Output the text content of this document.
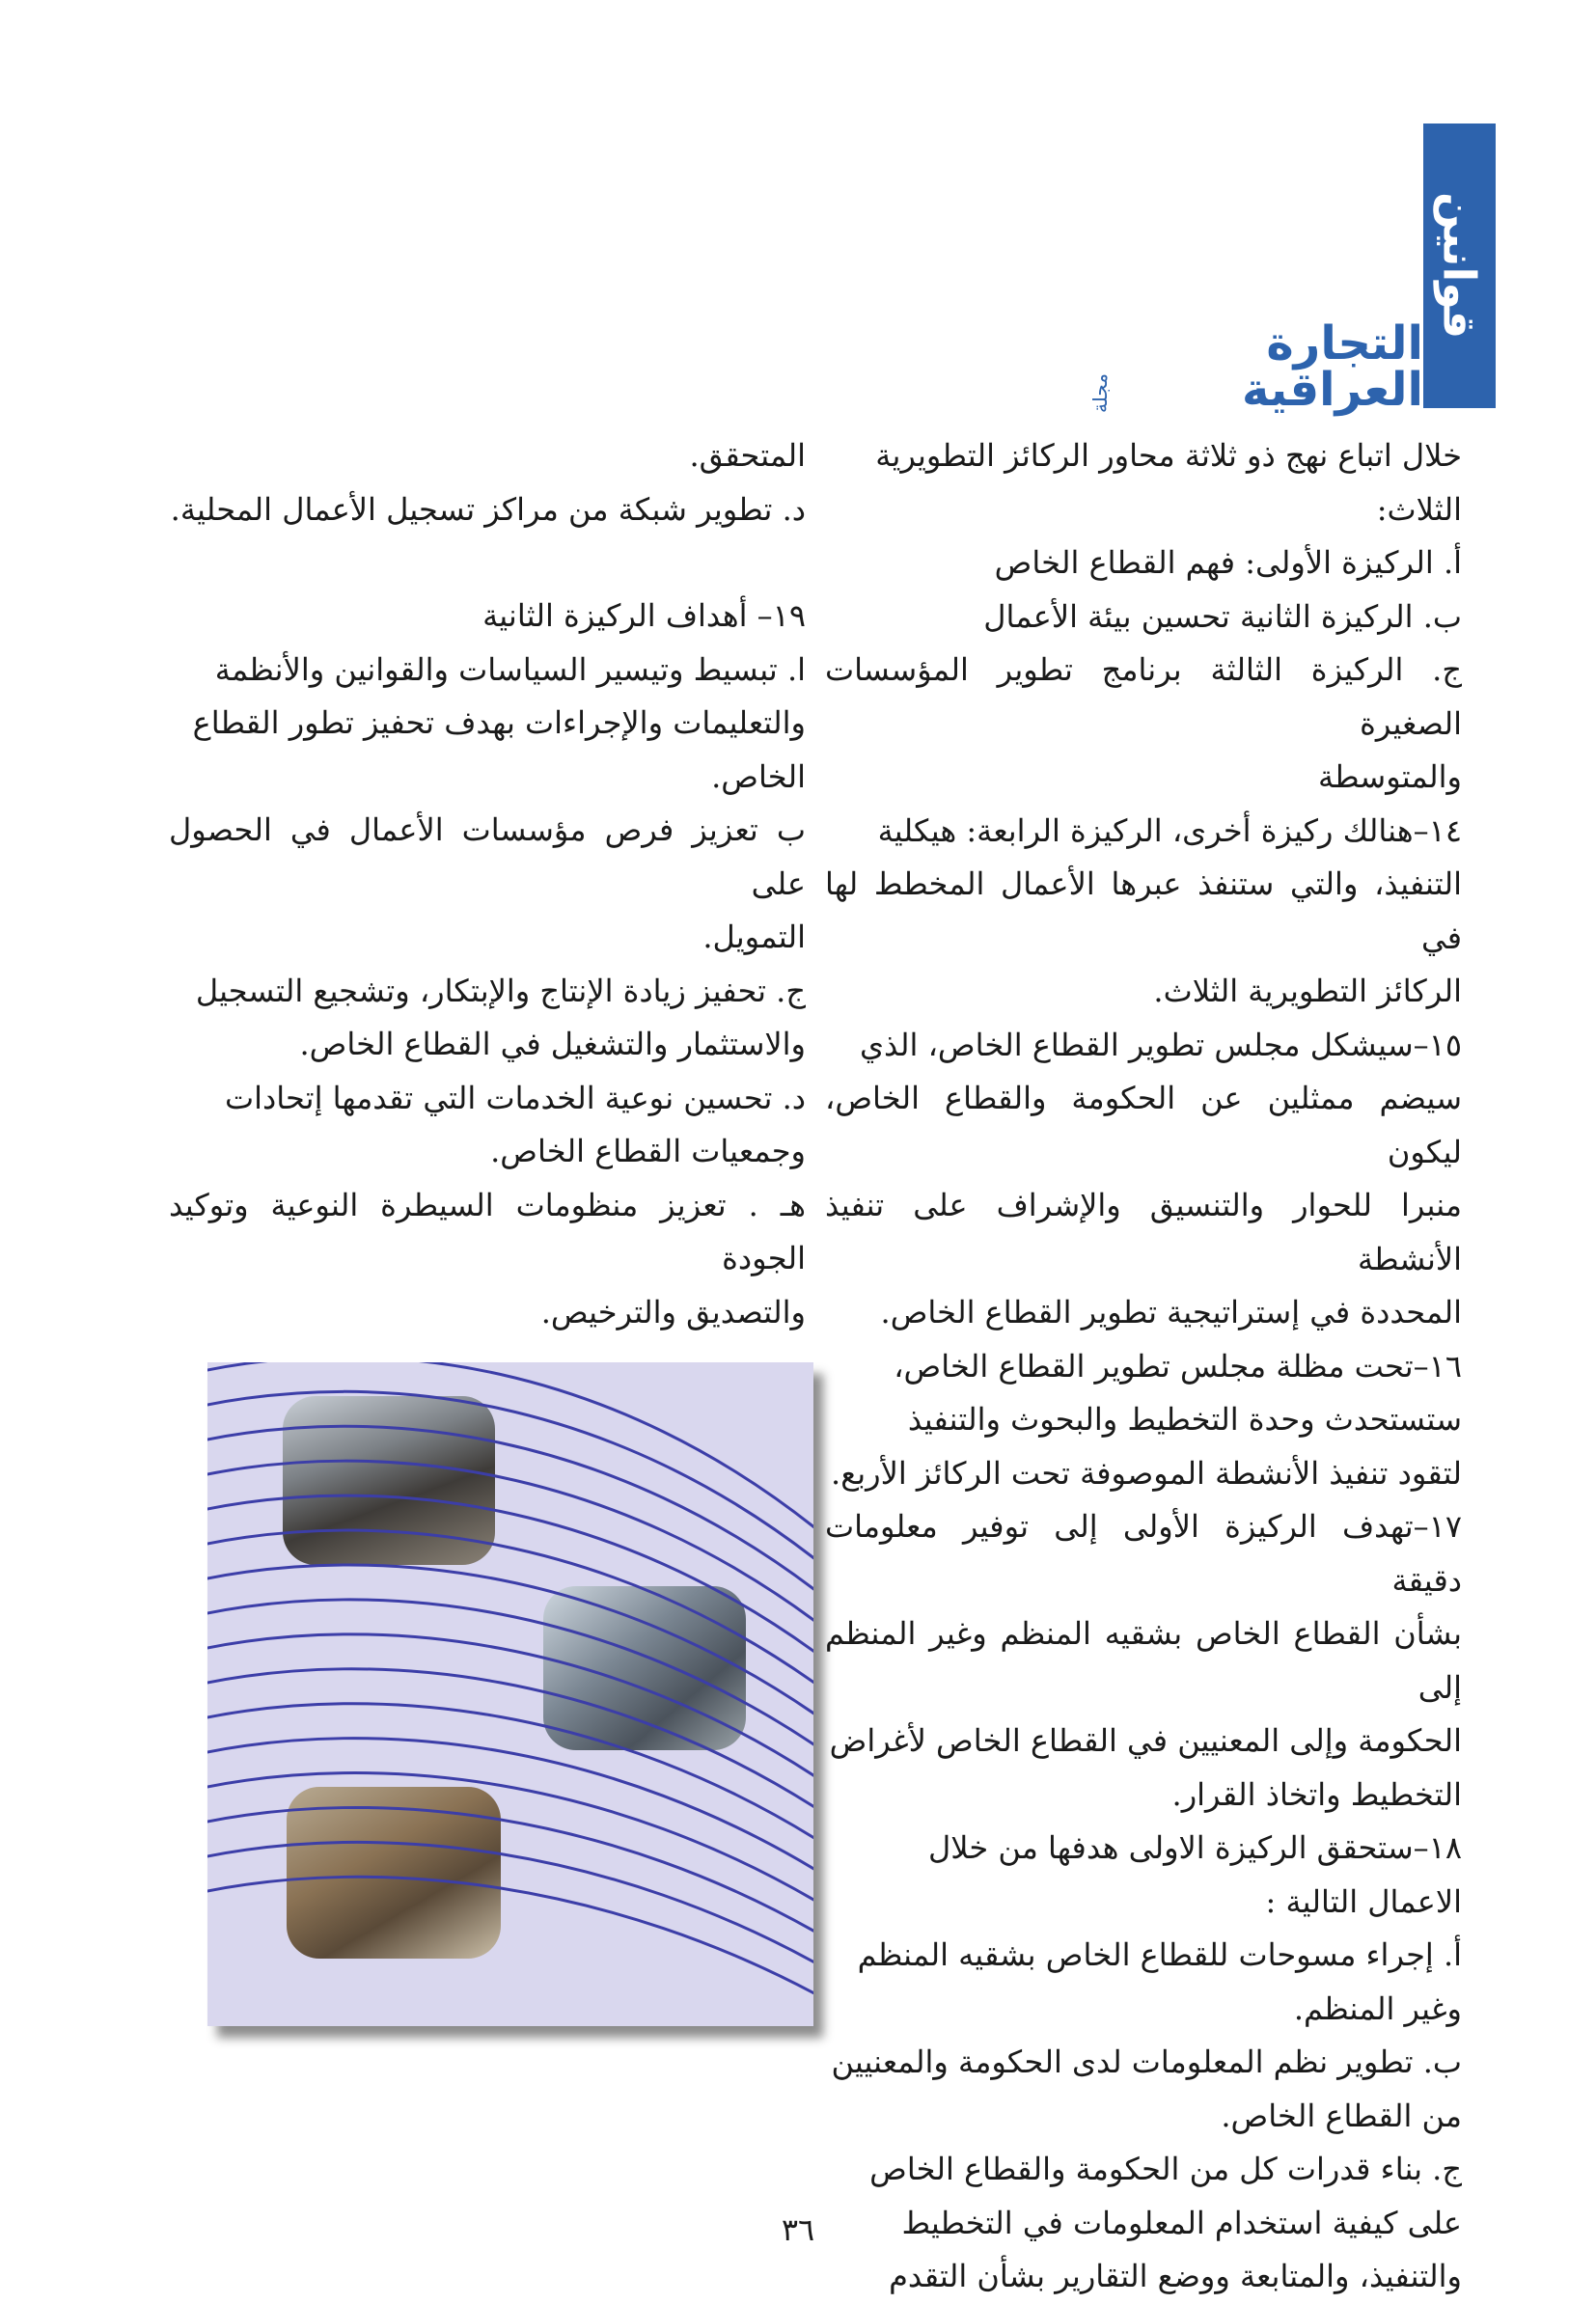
قوانين
التجارة العراقية
مجلة

خلال اتباع نهج ذو ثلاثة محاور الركائز التطويرية

الثلاث:

أ. الركيزة الأولى: فهم القطاع الخاص

ب. الركيزة الثانية تحسين بيئة الأعمال

ج. الركيزة الثالثة برنامج تطوير المؤسسات الصغيرة

والمتوسطة

١٤–هنالك ركيزة أخرى، الركيزة الرابعة: هيكلية

التنفيذ، والتي ستنفذ عبرها الأعمال المخطط لها في

الركائز التطويرية الثلاث.

١٥–سيشكل مجلس تطوير القطاع الخاص، الذي

سيضم ممثلين عن الحكومة والقطاع الخاص، ليكون

منبرا للحوار والتنسيق والإشراف على تنفيذ الأنشطة

المحددة في إستراتيجية تطوير القطاع الخاص.

١٦–تحت مظلة مجلس تطوير القطاع الخاص،

ستستحدث وحدة التخطيط والبحوث والتنفيذ

لتقود تنفيذ الأنشطة الموصوفة تحت الركائز الأربع.

١٧–تهدف الركيزة الأولى إلى توفير معلومات دقيقة

بشأن القطاع الخاص بشقيه المنظم وغير المنظم إلى

الحكومة وإلى المعنيين في القطاع الخاص لأغراض

التخطيط واتخاذ القرار.

١٨–ستحقق الركيزة الاولى هدفها من خلال

الاعمال التالية :

أ. إجراء مسوحات للقطاع الخاص بشقيه المنظم

وغير المنظم.

ب. تطوير نظم المعلومات لدى الحكومة والمعنيين

من القطاع الخاص.

ج. بناء قدرات كل من الحكومة والقطاع الخاص

على كيفية استخدام المعلومات في التخطيط

والتنفيذ، والمتابعة ووضع التقارير بشأن التقدم

المتحقق.

د. تطوير شبكة من مراكز تسجيل الأعمال المحلية.

١٩– أهداف الركيزة الثانية

ا. تبسيط وتيسير السياسات والقوانين والأنظمة

والتعليمات والإجراءات بهدف تحفيز تطور القطاع

الخاص.

ب تعزيز فرص مؤسسات الأعمال في الحصول على

التمويل.

ج. تحفيز زيادة الإنتاج والإبتكار، وتشجيع التسجيل

والاستثمار والتشغيل في القطاع الخاص.

د. تحسين نوعية الخدمات التي تقدمها إتحادات

وجمعيات القطاع الخاص.

هـ . تعزيز منظومات السيطرة النوعية وتوكيد الجودة

والتصديق والترخيص.

٣٦
